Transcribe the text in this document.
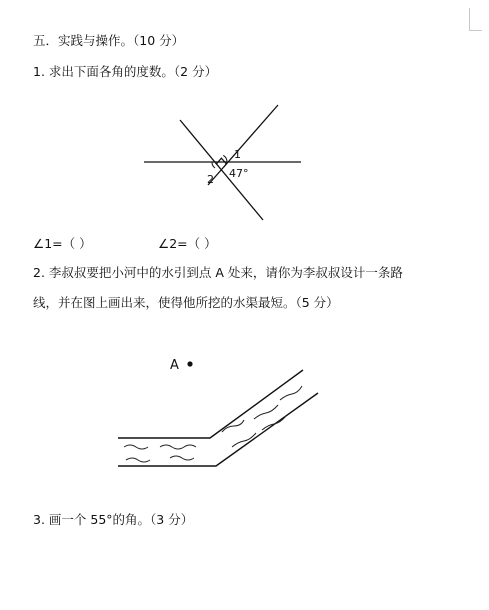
五．实践与操作。（10 分）
1. 求出下面各角的度数。（2 分）
1
2 47°
A
∠1=（ ）	∠2=（ ）
2. 李叔叔要把小河中的水引到点 A 处来，请你为李叔叔设计一条路
线，并在图上画出来，使得他所挖的水渠最短。（5 分）
3. 画一个 55°的角。（3 分）
